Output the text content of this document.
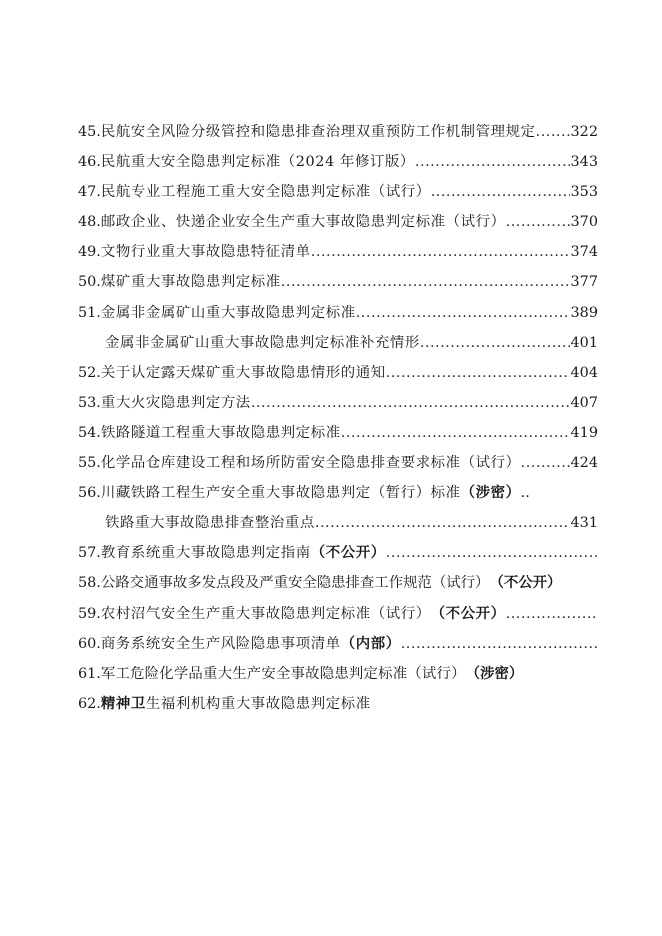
45. 民航安全风险分级管控和隐患排查治理双重预防工作机制管理规定 ..... 322
46. 民航重大安全隐患判定标准（2024 年修订版） .....	343
47. 民航专业工程施工重大安全隐患判定标准（试行） .....	353
48. 邮政企业、快递企业安全生产重大事故隐患判定标准（试行） .....	370
49. 文物行业重大事故隐患特征清单 .....	374
50. 煤矿重大事故隐患判定标准 .....	377
51. 金属非金属矿山重大事故隐患判定标准 .....	389
金属非金属矿山重大事故隐患判定标准补充情形 .....	401
52. 关于认定露天煤矿重大事故隐患情形的通知 .....	404
53. 重大火灾隐患判定方法 .....	407
54. 铁路隧道工程重大事故隐患判定标准 .....	419
55. 化学品仓库建设工程和场所防雷安全隐患排查要求标准（试行） .....	424
56. 川藏铁路工程生产安全重大事故隐患判定（暂行）标准 （涉密） ..
铁路重大事故隐患排查整治重点 .....	431
57. 教育系统重大事故隐患判定指南 （不公开）
.....
58. 公路交通事故多发点段及严重安全隐患排查工作规范（试行） （不公开）
59. 农村沼气安全生产重大事故隐患判定标准（试行） （不公开）
.....
60. 商务系统安全生产风险隐患事项清单 （内部）
.....
61. 军工危险化学品重大生产安全事故隐患判定标准（试行） （涉密）
62. 精神卫 生福利机构重大事故隐患判定标准
